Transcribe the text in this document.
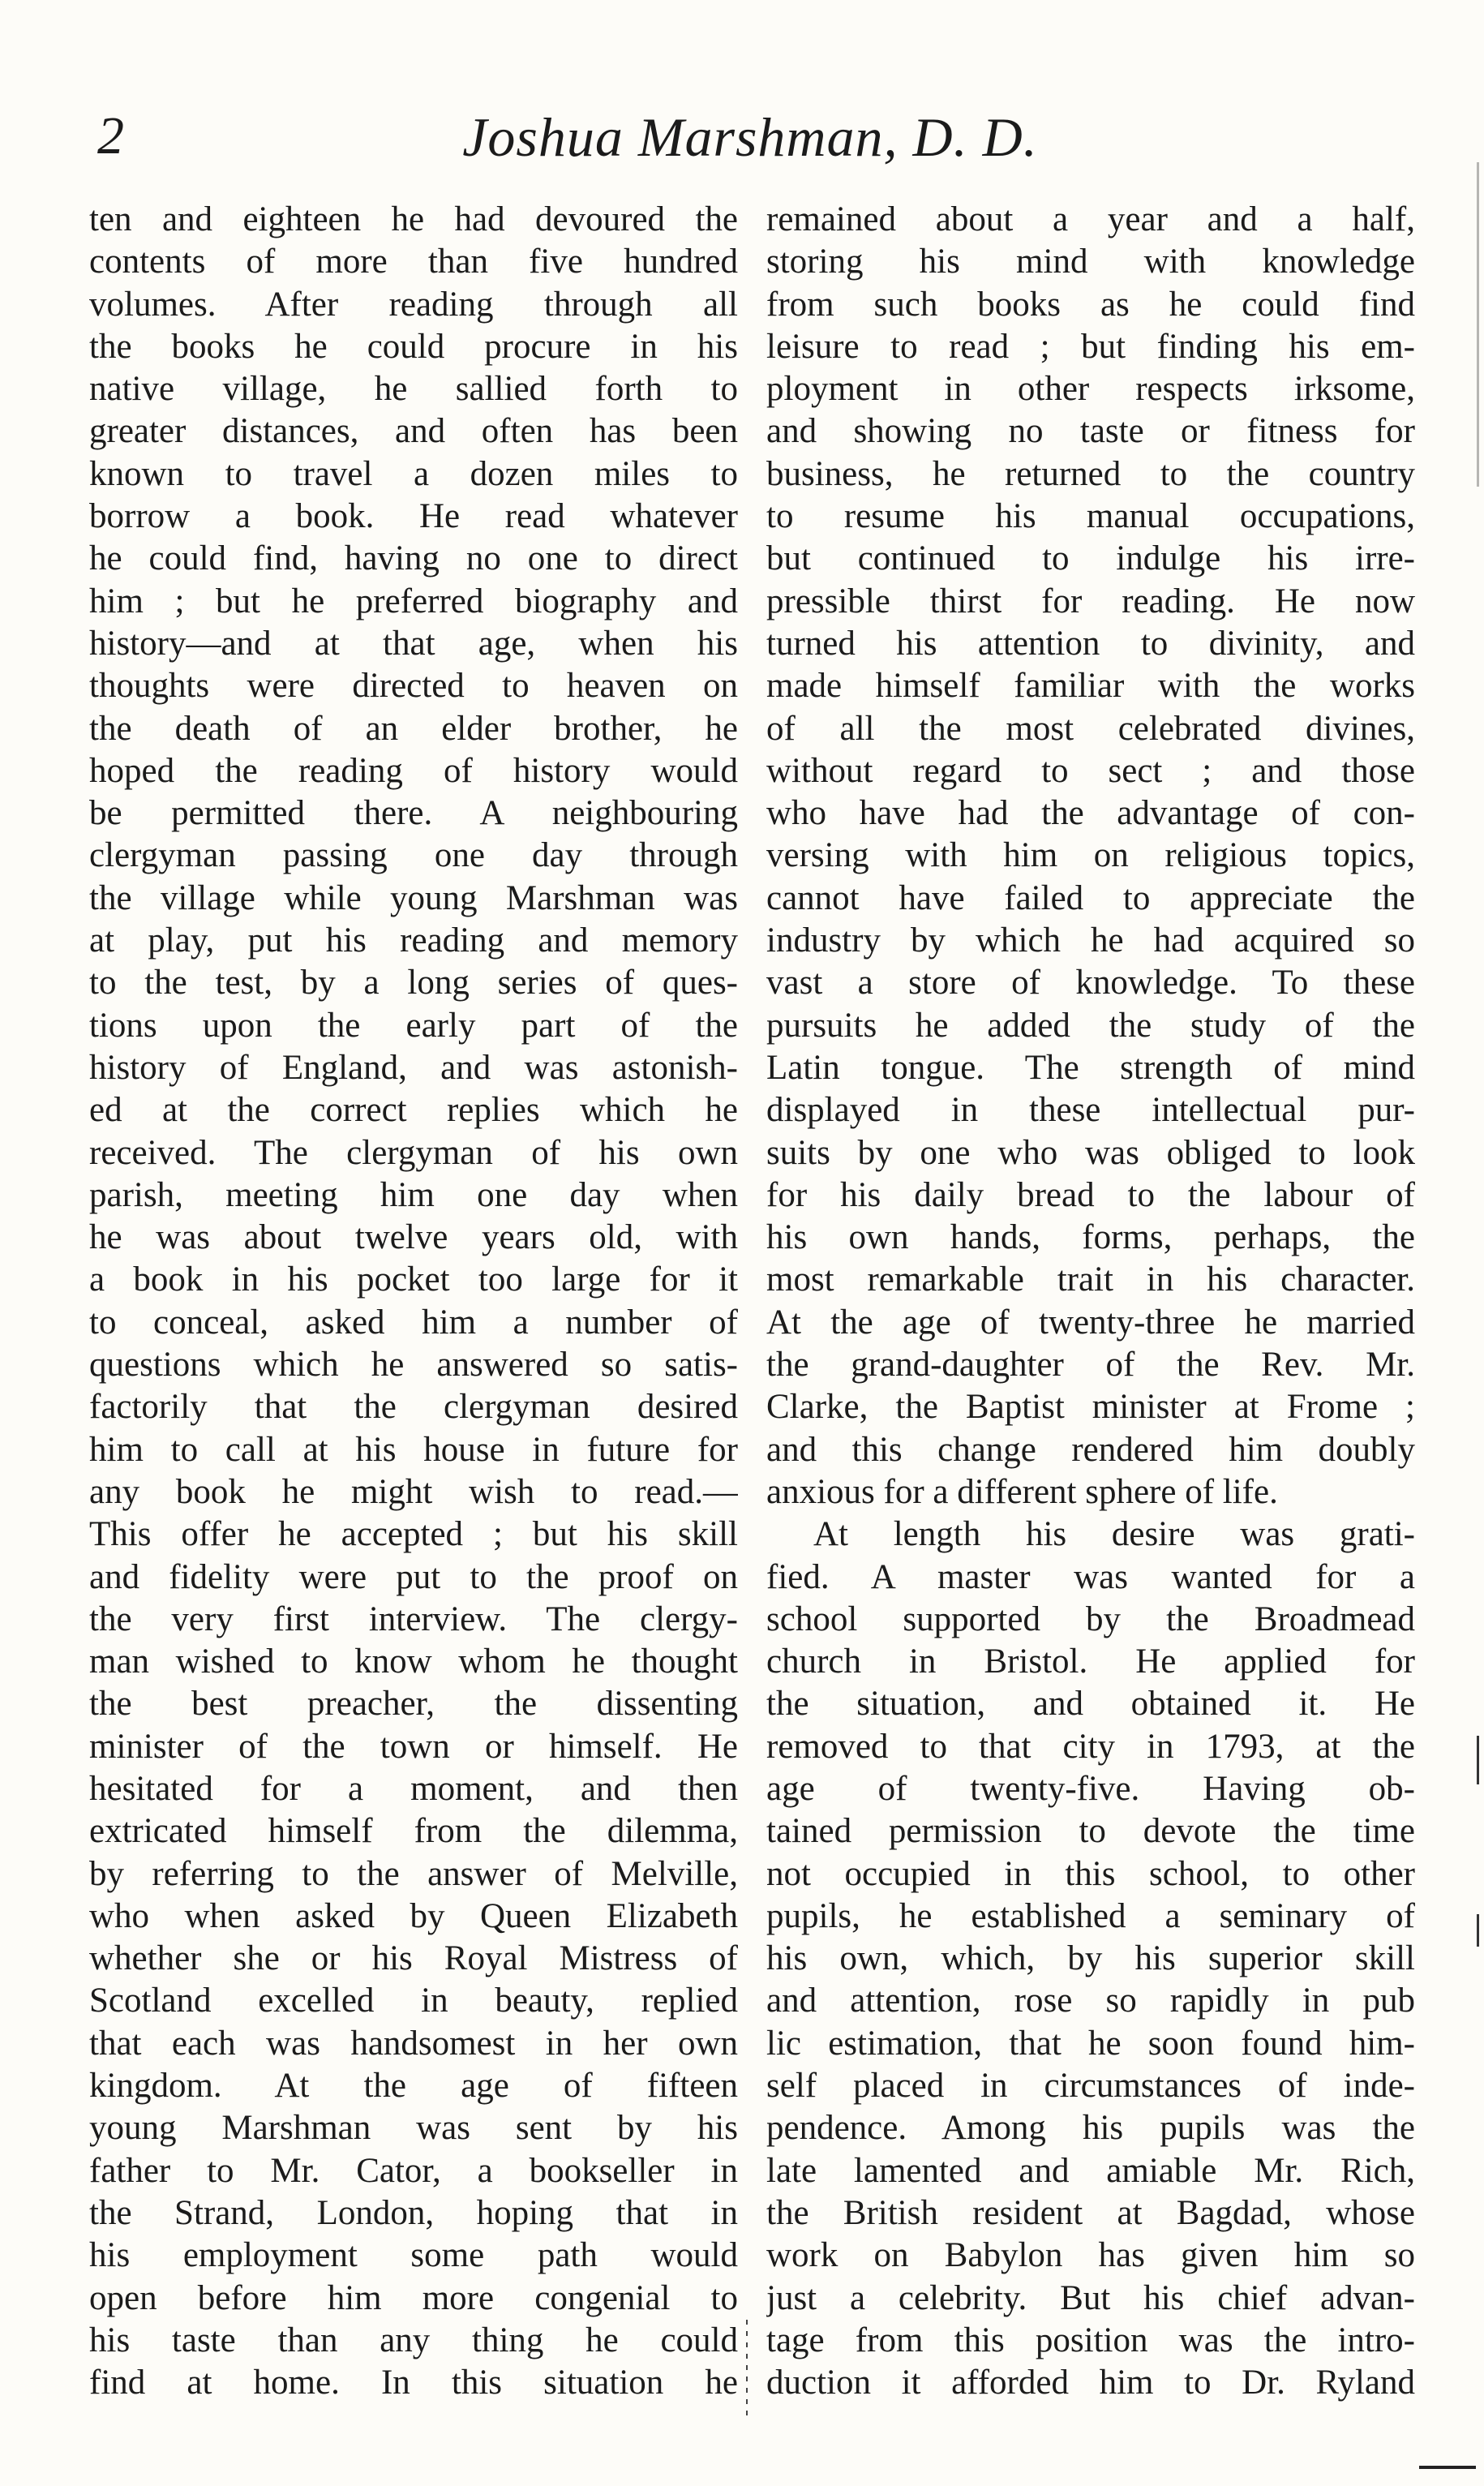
2	Joshua Marshman, D. D.
ten and eighteen he had devoured the
contents of more than five hundred
volumes. After reading through all
the books he could procure in his
native village, he sallied forth to
greater distances, and often has been
known to travel a dozen miles to
borrow a book. He read whatever
he could find, having no one to direct
him ; but he preferred biography and
history—and at that age, when his
thoughts were directed to heaven on
the death of an elder brother, he
hoped the reading of history would
be permitted there. A neighbouring
clergyman passing one day through
the village while young Marshman was
at play, put his reading and memory
to the test, by a long series of ques-
tions upon the early part of the
history of England, and was astonish-
ed at the correct replies which he
received. The clergyman of his own
parish, meeting him one day when
he was about twelve years old, with
a book in his pocket too large for it
to conceal, asked him a number of
questions which he answered so satis-
factorily that the clergyman desired
him to call at his house in future for
any book he might wish to read.—
This offer he accepted ; but his skill
and fidelity were put to the proof on
the very first interview. The clergy-
man wished to know whom he thought
the best preacher, the dissenting
minister of the town or himself. He
hesitated for a moment, and then
extricated himself from the dilemma,
by referring to the answer of Melville,
who when asked by Queen Elizabeth
whether she or his Royal Mistress of
Scotland excelled in beauty, replied
that each was handsomest in her own
kingdom. At the age of fifteen
young Marshman was sent by his
father to Mr. Cator, a bookseller in
the Strand, London, hoping that in
his employment some path would
open before him more congenial to
his taste than any thing he could
find at home. In this situation he
remained about a year and a half,
storing his mind with knowledge
from such books as he could find
leisure to read ; but finding his em-
ployment in other respects irksome,
and showing no taste or fitness for
business, he returned to the country
to resume his manual occupations,
but continued to indulge his irre-
pressible thirst for reading. He now
turned his attention to divinity, and
made himself familiar with the works
of all the most celebrated divines,
without regard to sect ; and those
who have had the advantage of con-
versing with him on religious topics,
cannot have failed to appreciate the
industry by which he had acquired so
vast a store of knowledge. To these
pursuits he added the study of the
Latin tongue. The strength of mind
displayed in these intellectual pur-
suits by one who was obliged to look
for his daily bread to the labour of
his own hands, forms, perhaps, the
most remarkable trait in his character.
At the age of twenty-three he married
the grand-daughter of the Rev. Mr.
Clarke, the Baptist minister at Frome ;
and this change rendered him doubly
anxious for a different sphere of life.
At length his desire was grati-
fied. A master was wanted for a
school supported by the Broadmead
church in Bristol. He applied for
the situation, and obtained it. He
removed to that city in 1793, at the
age of twenty-five. Having ob-
tained permission to devote the time
not occupied in this school, to other
pupils, he established a seminary of
his own, which, by his superior skill
and attention, rose so rapidly in pub
lic estimation, that he soon found him-
self placed in circumstances of inde-
pendence. Among his pupils was the
late lamented and amiable Mr. Rich,
the British resident at Bagdad, whose
work on Babylon has given him so
just a celebrity. But his chief advan-
tage from this position was the intro-
duction it afforded him to Dr. Ryland
